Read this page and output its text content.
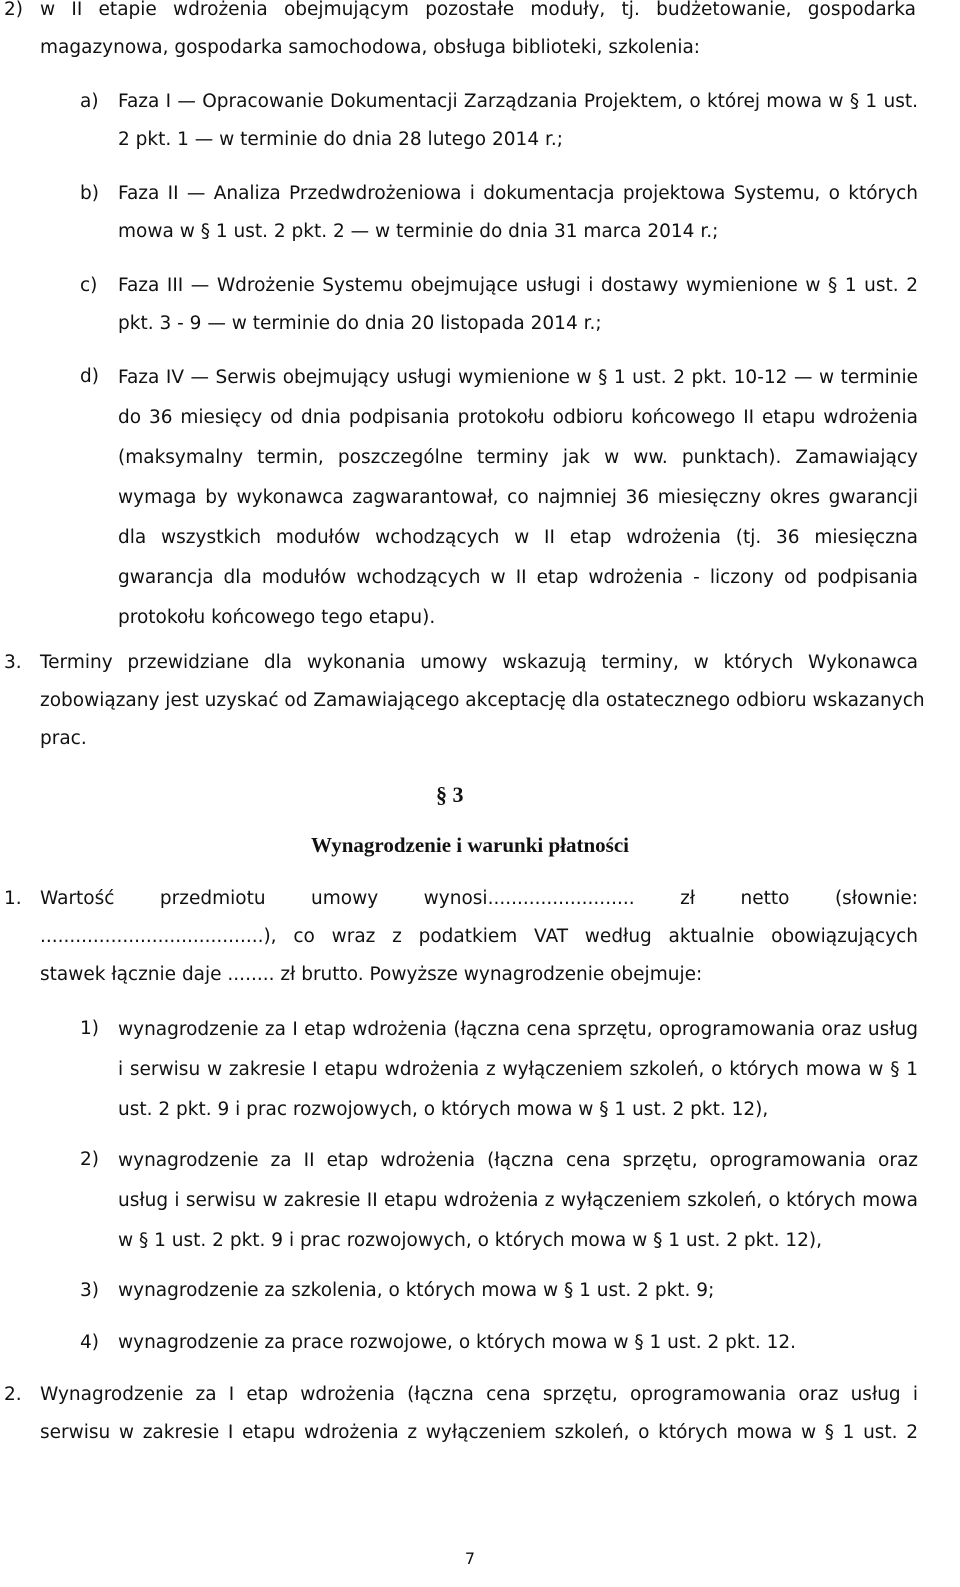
2) w II etapie wdrożenia obejmującym pozostałe moduły, tj. budżetowanie, gospodarka
magazynowa, gospodarka samochodowa, obsługa biblioteki, szkolenia:
a) Faza I — Opracowanie Dokumentacji Zarządzania Projektem, o której mowa w § 1 ust.
2 pkt. 1 — w terminie do dnia 28 lutego 2014 r.;
b) Faza II — Analiza Przedwdrożeniowa i dokumentacja projektowa Systemu, o których
mowa w § 1 ust. 2 pkt. 2 — w terminie do dnia 31 marca 2014 r.;
c) Faza III — Wdrożenie Systemu obejmujące usługi i dostawy wymienione w § 1 ust. 2
pkt. 3 - 9 — w terminie do dnia 20 listopada 2014 r.;
d) Faza IV — Serwis obejmujący usługi wymienione w § 1 ust. 2 pkt. 10-12 — w terminie
do 36 miesięcy od dnia podpisania protokołu odbioru końcowego II etapu wdrożenia
(maksymalny termin, poszczególne terminy jak w ww. punktach). Zamawiający
wymaga by wykonawca zagwarantował, co najmniej 36 miesięczny okres gwarancji
dla wszystkich modułów wchodzących w II etap wdrożenia (tj. 36 miesięczna
gwarancja dla modułów wchodzących w II etap wdrożenia - liczony od podpisania
protokołu końcowego tego etapu).
3. Terminy przewidziane dla wykonania umowy wskazują terminy, w których Wykonawca
zobowiązany jest uzyskać od Zamawiającego akceptację dla ostatecznego odbioru wskazanych
prac.
§ 3
Wynagrodzenie i warunki płatności
1. Wartość przedmiotu umowy wynosi......................... zł netto (słownie:
......................................), co wraz z podatkiem VAT według aktualnie obowiązujących
stawek łącznie daje ........ zł brutto. Powyższe wynagrodzenie obejmuje:
1) wynagrodzenie za I etap wdrożenia (łączna cena sprzętu, oprogramowania oraz usług
i serwisu w zakresie I etapu wdrożenia z wyłączeniem szkoleń, o których mowa w § 1
ust. 2 pkt. 9 i prac rozwojowych, o których mowa w § 1 ust. 2 pkt. 12),
2) wynagrodzenie za II etap wdrożenia (łączna cena sprzętu, oprogramowania oraz
usług i serwisu w zakresie II etapu wdrożenia z wyłączeniem szkoleń, o których mowa
w § 1 ust. 2 pkt. 9 i prac rozwojowych, o których mowa w § 1 ust. 2 pkt. 12),
3) wynagrodzenie za szkolenia, o których mowa w § 1 ust. 2 pkt. 9;
4) wynagrodzenie za prace rozwojowe, o których mowa w § 1 ust. 2 pkt. 12.
2. Wynagrodzenie za I etap wdrożenia (łączna cena sprzętu, oprogramowania oraz usług i
serwisu w zakresie I etapu wdrożenia z wyłączeniem szkoleń, o których mowa w § 1 ust. 2
7
